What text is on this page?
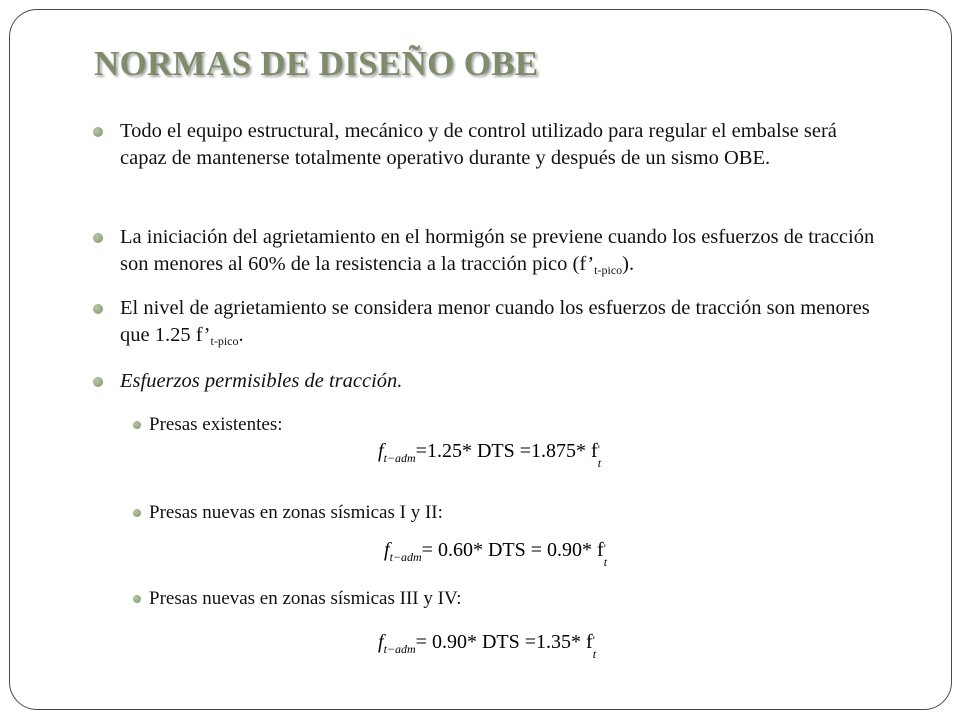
NORMAS DE DISEÑO OBE
Todo el equipo estructural, mecánico y de control utilizado para regular el embalse será capaz de mantenerse totalmente operativo durante y después de un sismo OBE.
La iniciación del agrietamiento en el hormigón se previene cuando los esfuerzos de tracción son menores al 60% de la resistencia a la tracción pico $(f’_{t-pico})$.
El nivel de agrietamiento se considera menor cuando los esfuerzos de tracción son menores que 1.25 $f’_{t-pico}$.
Esfuerzos permisibles de tracción.
Presas existentes:
$f_{t-adm}=1.25*$ DTS =1.875* f '
t
Presas nuevas en zonas sísmicas I y II:
$f_{t-adm}= 0.60*$ DTS = 0.90* f '
t
Presas nuevas en zonas sísmicas III y IV:
$f_{t-adm}= 0.90*$ DTS =1.35* f '
t
